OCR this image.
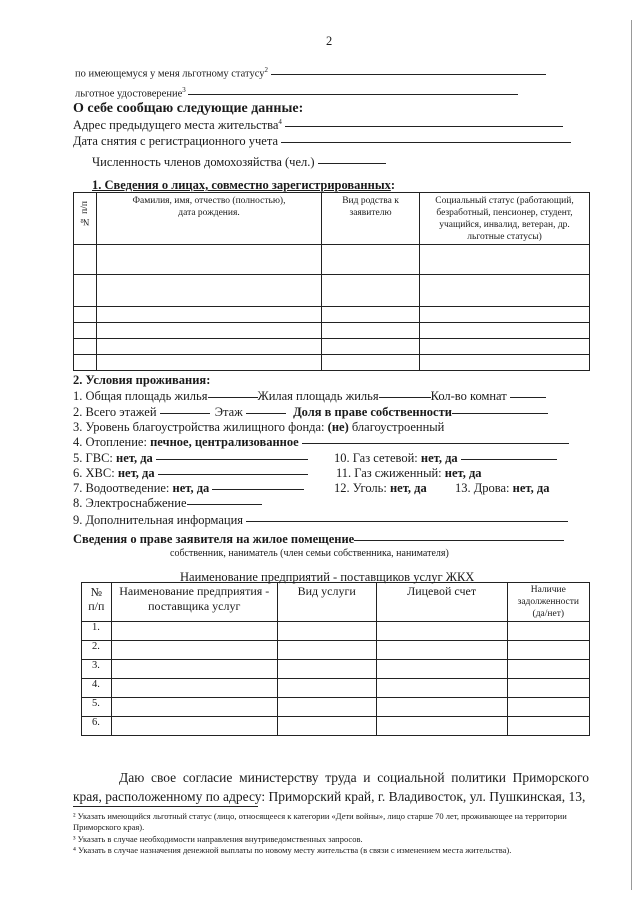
2
по имеющемуся у меня льготному статусу$^2$
льготное удостоверение$^3$
О себе сообщаю следующие данные:
Адрес предыдущего места жительства$^4$
Дата снятия с регистрационного учета
Численность членов домохозяйства (чел.)
1. Сведения о лицах, совместно зарегистрированных:
№ п/п	Фамилия, имя, отчество (полностью), дата рождения.	Вид родства к заявителю	Социальный статус (работающий, безработный, пенсионер, студент, учащийся, инвалид, ветеран, др. льготные статусы)

2. Условия проживания:
1. Общая площадь жилья	Жилая площадь жилья	Кол-во комнат
2. Всего этажей	Этаж	Доля в праве собственности
3. Уровень благоустройства жилищного фонда: (не) благоустроенный
4. Отопление: печное, централизованное
5. ГВС: нет, да	10. Газ сетевой: нет, да
6. ХВС: нет, да	11. Газ сжиженный: нет, да
7. Водоотведение: нет, да	12. Уголь: нет, да 13. Дрова: нет, да
8. Электроснабжение
9. Дополнительная информация
Сведения о праве заявителя на жилое помещение
собственник, наниматель (член семьи собственника, нанимателя)
Наименование предприятий - поставщиков услуг ЖКХ
№ п/п	Наименование предприятия - поставщика услуг	Вид услуги	Лицевой счет	Наличие задолженности (да/нет)

1.				
2.				
3.				
4.				
5.				
6.				
Даю свое согласие министерству труда и социальной политики Приморского края, расположенному по адресу: Приморский край, г. Владивосток, ул. Пушкинская, 13,
² Указать имеющийся льготный статус (лицо, относящееся к категории «Дети войны», лицо старше 70 лет, проживающее на территории Приморского края).
³ Указать в случае необходимости направления внутриведомственных запросов.
⁴ Указать в случае назначения денежной выплаты по новому месту жительства (в связи с изменением места жительства).
